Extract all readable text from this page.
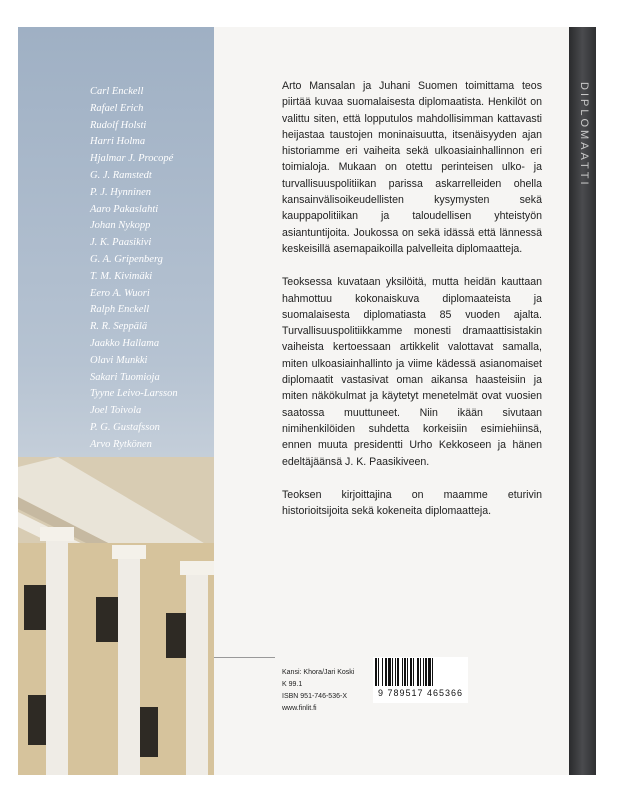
Carl Enckell
Rafael Erich
Rudolf Holsti
Harri Holma
Hjalmar J. Procopé
G. J. Ramstedt
P. J. Hynninen
Aaro Pakaslahti
Johan Nykopp
J. K. Paasikivi
G. A. Gripenberg
T. M. Kivimäki
Eero A. Wuori
Ralph Enckell
R. R. Seppälä
Jaakko Hallama
Olavi Munkki
Sakari Tuomioja
Tyyne Leivo-Larsson
Joel Toivola
P. G. Gustafsson
Arvo Rytkönen

Arto Mansalan ja Juhani Suomen toimittama teos piirtää kuvaa suomalaisesta diplomaatista. Henkilöt on valittu siten, että lopputulos mahdollisimman kattavasti heijastaa taustojen moninaisuutta, itsenäisyyden ajan historiamme eri vaiheita sekä ulkoasiainhallinnon eri toimialoja. Mukaan on otettu perinteisen ulko- ja turvallisuuspolitiikan parissa askarrelleiden ohella kansainvälisoikeudellisten kysymysten sekä kauppapolitiikan ja taloudellisen yhteistyön asiantuntijoita. Joukossa on sekä idässä että lännessä keskeisillä asemapaikoilla palvelleita diplomaatteja.

Teoksessa kuvataan yksilöitä, mutta heidän kauttaan hahmottuu kokonaiskuva diplomaateista ja suomalaisesta diplomatiasta 85 vuoden ajalta. Turvallisuuspolitiikkamme monesti dramaattisistakin vaiheista kertoessaan artikkelit valottavat samalla, miten ulkoasiainhallinto ja viime kädessä asianomaiset diplomaatit vastasivat oman aikansa haasteisiin ja miten näkökulmat ja käytetyt menetelmät ovat vuosien saatossa muuttuneet. Niin ikään sivutaan nimihenkilöiden suhdetta korkeisiin esimiehiinsä, ennen muuta presidentti Urho Kekkoseen ja hänen edeltäjäänsä J. K. Paasikiveen.

Teoksen kirjoittajina on maamme eturivin historioitsijoita sekä kokeneita diplomaatteja.

Kansi: Khora/Jari Koski
K 99.1
ISBN 951-746-536-X
www.finlit.fi
9 789517 465366
DIPLOMAATTI
